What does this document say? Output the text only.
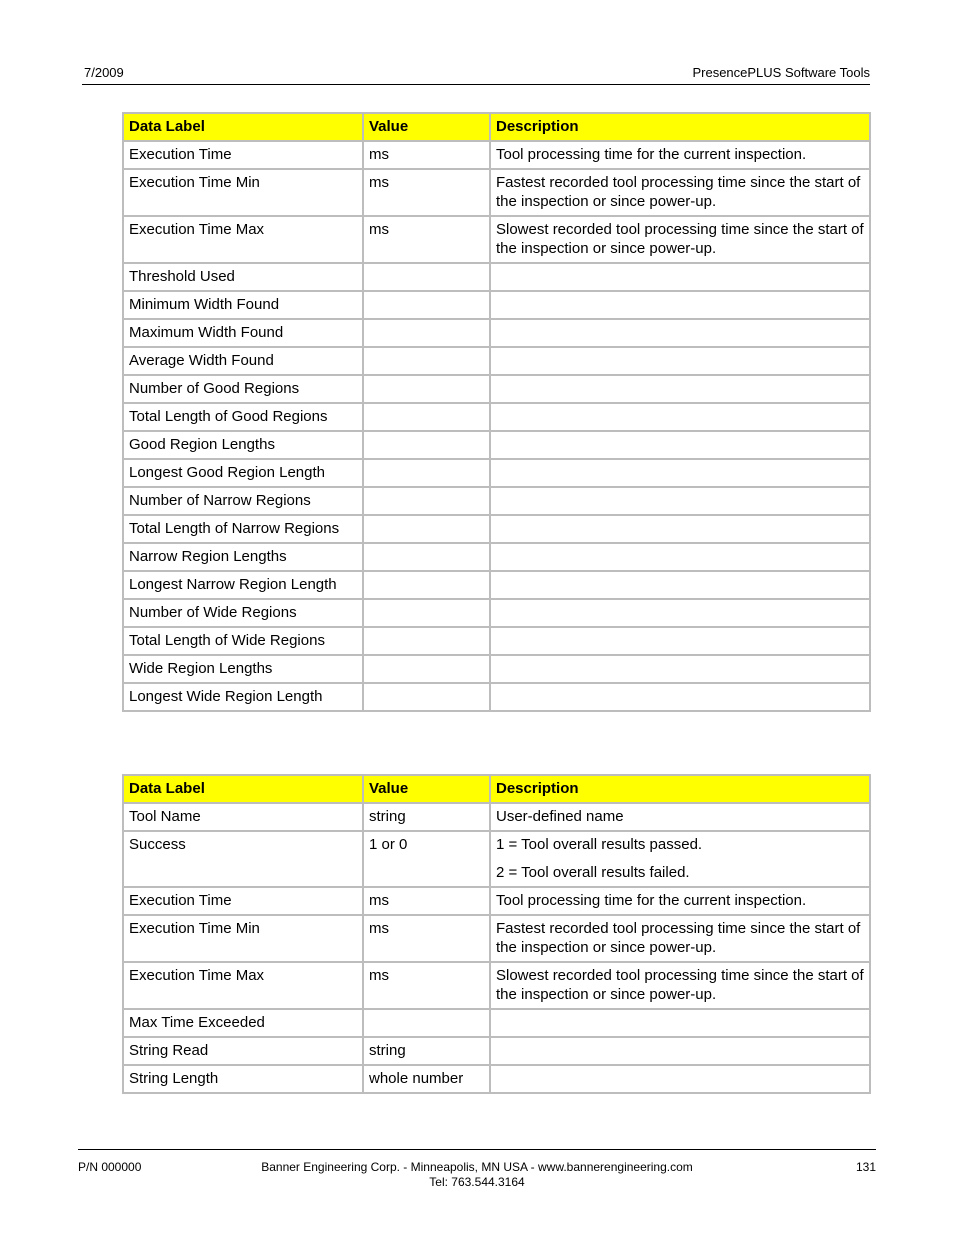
7/2009	PresencePLUS Software Tools
Data Label	Value	Description
Execution Time	ms	Tool processing time for the current inspection.
Execution Time Min	ms	Fastest recorded tool processing time since the start of the inspection or since power-up.
Execution Time Max	ms	Slowest recorded tool processing time since the start of the inspection or since power-up.
Threshold Used		
Minimum Width Found		
Maximum Width Found		
Average Width Found		
Number of Good Regions		
Total Length of Good Regions		
Good Region Lengths		
Longest Good Region Length		
Number of Narrow Regions		
Total Length of Narrow Regions		
Narrow Region Lengths		
Longest Narrow Region Length		
Number of Wide Regions		
Total Length of Wide Regions		
Wide Region Lengths		
Longest Wide Region Length		
Data Label	Value	Description
Tool Name	string	User-defined name
Success	1 or 0	1 = Tool overall results passed.

2 = Tool overall results failed.

Execution Time	ms	Tool processing time for the current inspection.
Execution Time Min	ms	Fastest recorded tool processing time since the start of the inspection or since power-up.
Execution Time Max	ms	Slowest recorded tool processing time since the start of the inspection or since power-up.
Max Time Exceeded		
String Read	string	
String Length	whole number	
P/N 000000	Banner Engineering Corp. - Minneapolis, MN USA - www.bannerengineering.com
Tel: 763.544.3164
131
